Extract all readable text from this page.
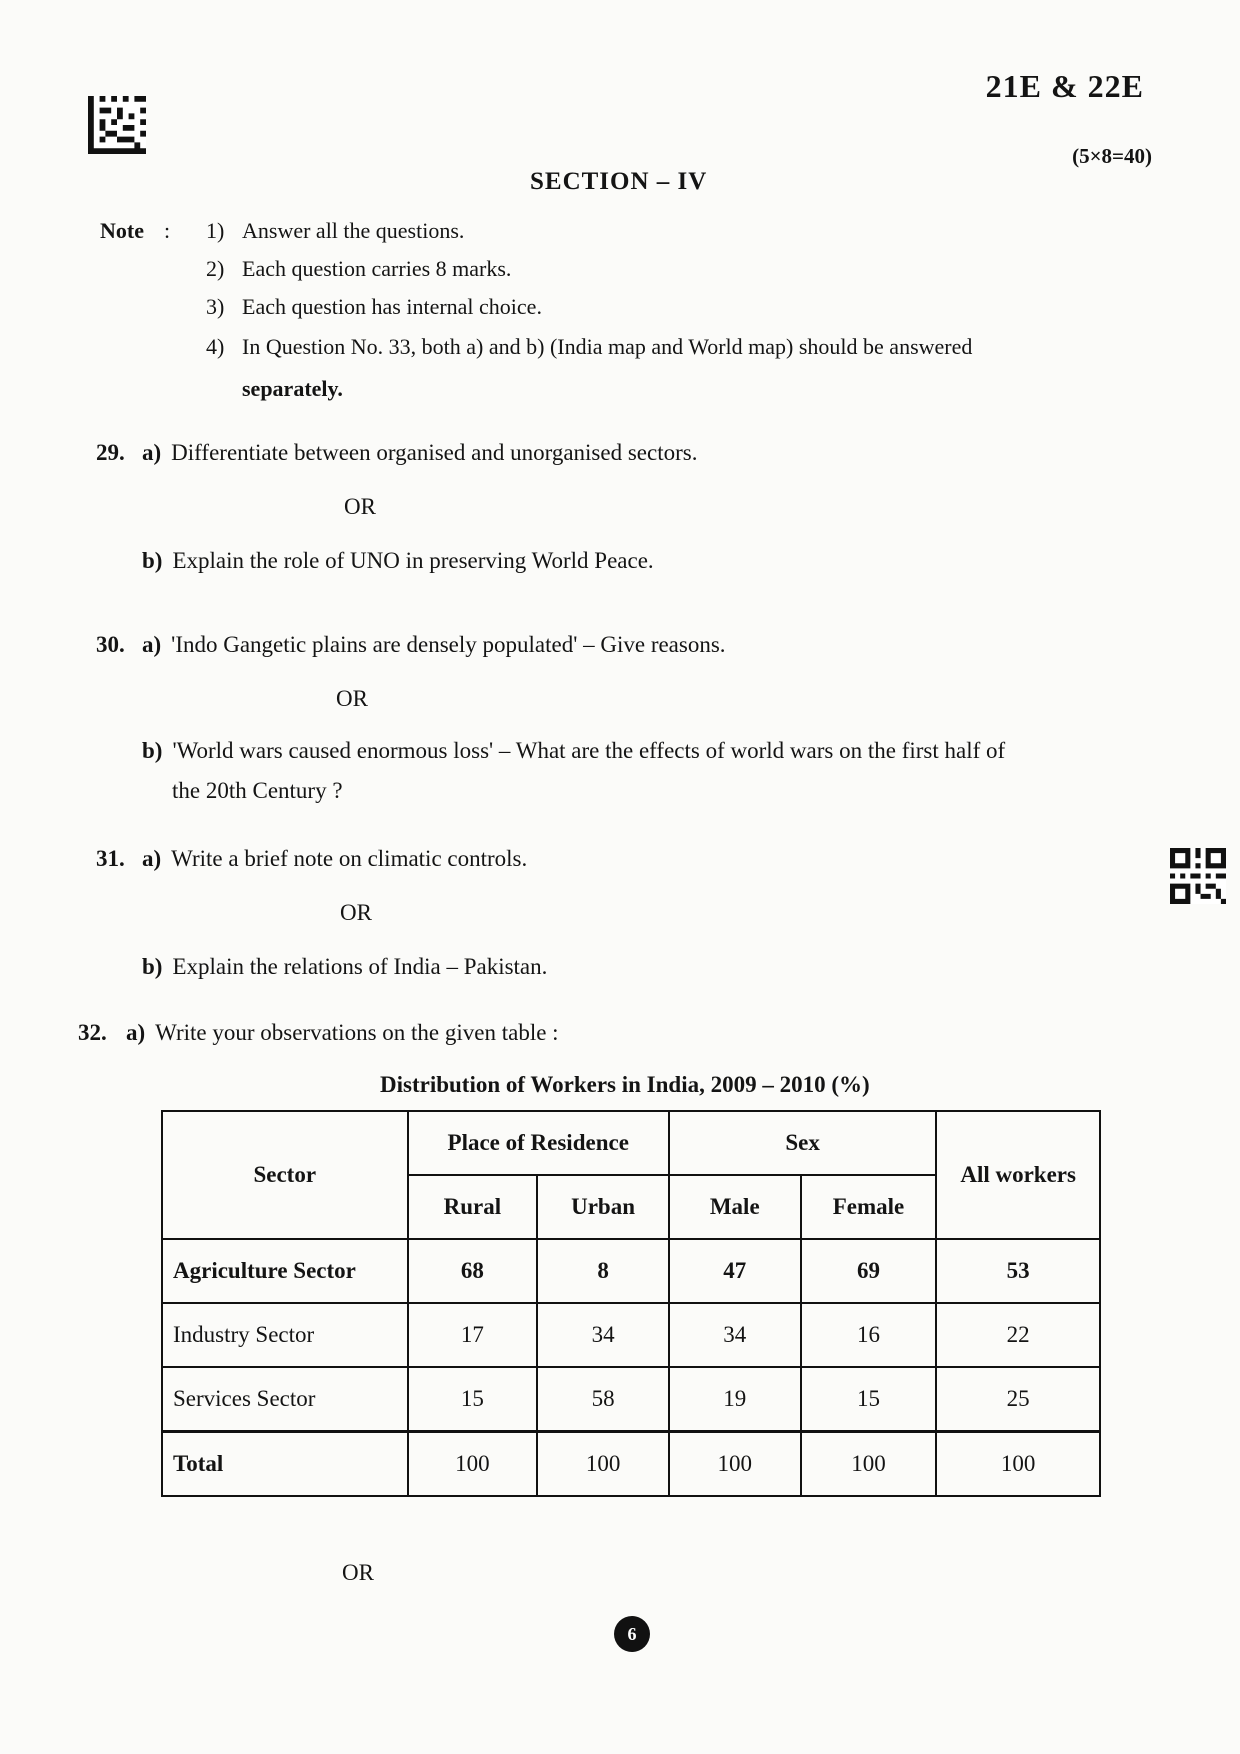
21E & 22E
(5×8=40)
SECTION – IV
Note : 1) Answer all the questions.
2) Each question carries 8 marks.
3) Each question has internal choice.
4) In Question No. 33, both a) and b) (India map and World map) should be answered
separately.
29. a) Differentiate between organised and unorganised sectors.
OR
b) Explain the role of UNO in preserving World Peace.
30. a) 'Indo Gangetic plains are densely populated' – Give reasons.
OR
b) 'World wars caused enormous loss' – What are the effects of world wars on the first half of
the 20th Century ?
31. a) Write a brief note on climatic controls.
OR
b) Explain the relations of India – Pakistan.
32. a) Write your observations on the given table :
Distribution of Workers in India, 2009 – 2010 (%)
Sector	Place of Residence		Sex		All workers
	Rural	Urban	Male	Female	
Agriculture Sector	68	8	47	69	53
Industry Sector	17	34	34	16	22
Services Sector	15	58	19	15	25
Total	100	100	100	100	100
OR
6
